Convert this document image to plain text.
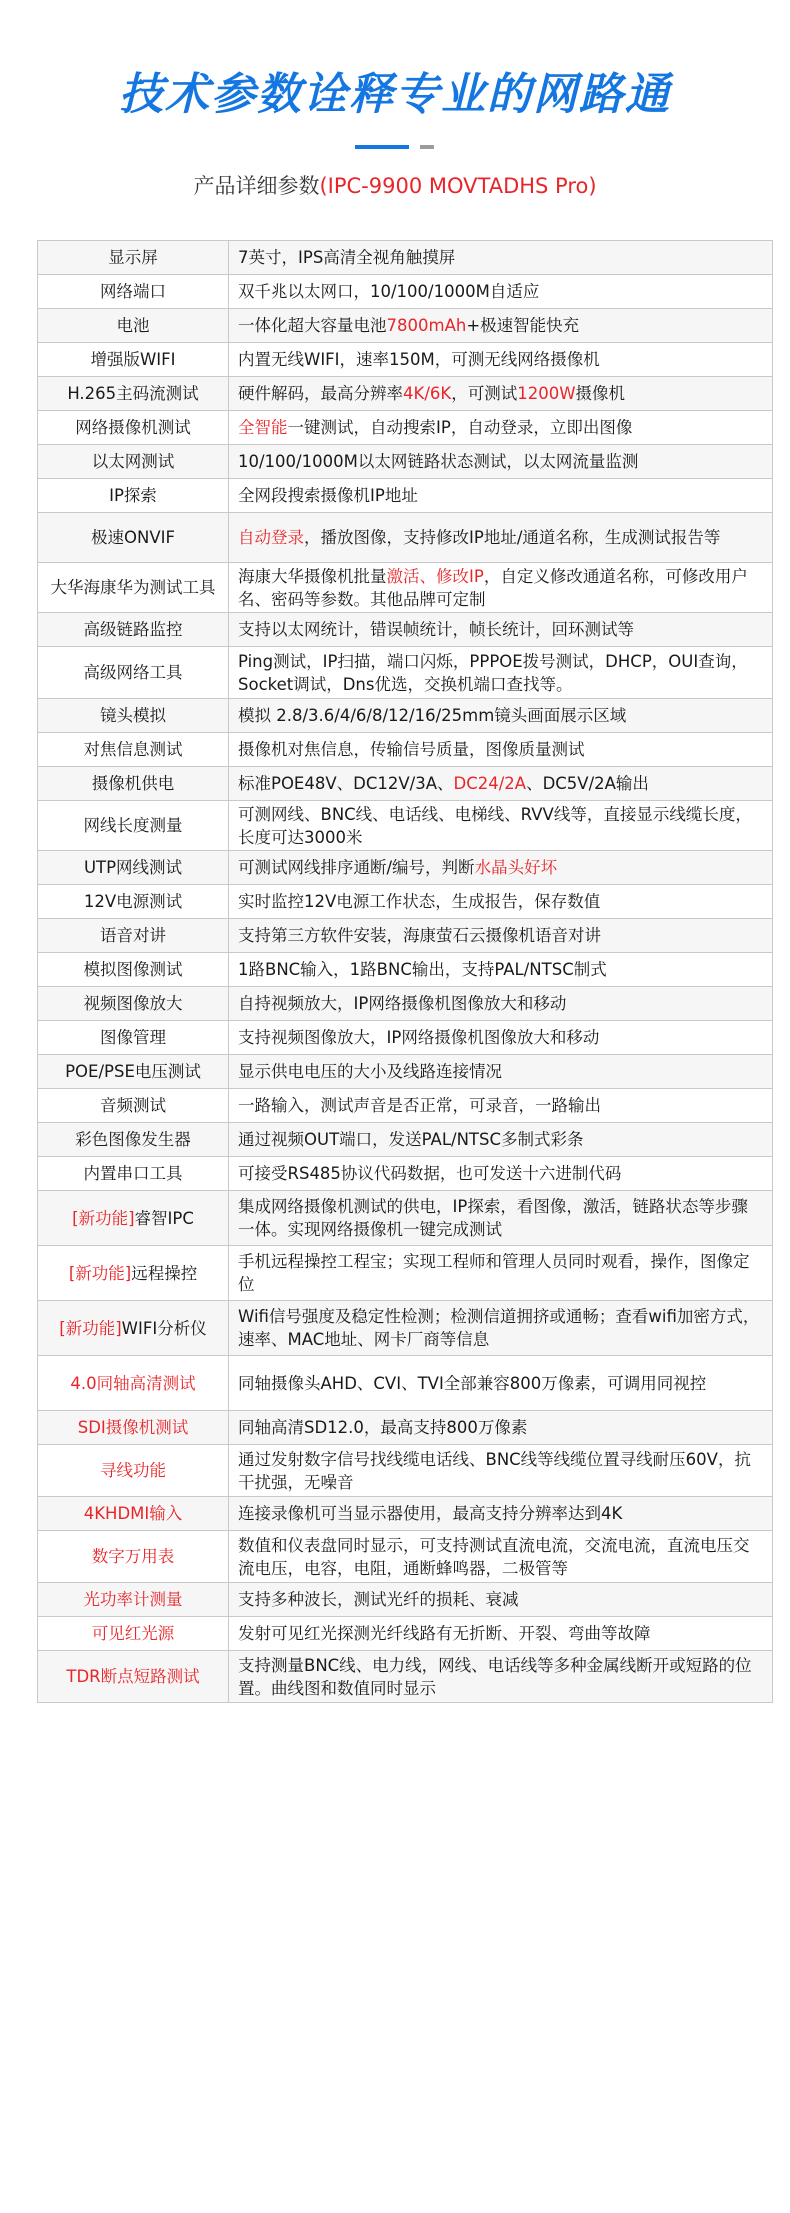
技术参数诠释专业的网路通
产品详细参数(IPC-9900 MOVTADHS Pro)
显示屏	7英寸，IPS高清全视角触摸屏
网络端口	双千兆以太网口，10/100/1000M自适应
电池	一体化超大容量电池7800mAh+极速智能快充
增强版WIFI	内置无线WIFI，速率150M，可测无线网络摄像机
H.265主码流测试	硬件解码，最高分辨率4K/6K，可测试1200W摄像机
网络摄像机测试	全智能一键测试，自动搜索IP，自动登录，立即出图像
以太网测试	10/100/1000M以太网链路状态测试，以太网流量监测
IP探索	全网段搜索摄像机IP地址
极速ONVIF	自动登录，播放图像，支持修改IP地址/通道名称，生成测试报告等
大华海康华为测试工具	海康大华摄像机批量激活、修改IP，自定义修改通道名称，可修改用户名、密码等参数。其他品牌可定制
高级链路监控	支持以太网统计，错误帧统计，帧长统计，回环测试等
高级网络工具	Ping测试，IP扫描，端口闪烁，PPPOE拨号测试，DHCP，OUI查询，Socket调试，Dns优选，交换机端口查找等。
镜头模拟	模拟 2.8/3.6/4/6/8/12/16/25mm镜头画面展示区域
对焦信息测试	摄像机对焦信息，传输信号质量，图像质量测试
摄像机供电	标准POE48V、DC12V/3A、DC24/2A、DC5V/2A输出
网线长度测量	可测网线、BNC线、电话线、电梯线、RVV线等，直接显示线缆长度，长度可达3000米
UTP网线测试	可测试网线排序通断/编号，判断水晶头好坏
12V电源测试	实时监控12V电源工作状态，生成报告，保存数值
语音对讲	支持第三方软件安装，海康萤石云摄像机语音对讲
模拟图像测试	1路BNC输入，1路BNC输出，支持PAL/NTSC制式
视频图像放大	自持视频放大，IP网络摄像机图像放大和移动
图像管理	支持视频图像放大，IP网络摄像机图像放大和移动
POE/PSE电压测试	显示供电电压的大小及线路连接情况
音频测试	一路输入，测试声音是否正常，可录音，一路输出
彩色图像发生器	通过视频OUT端口，发送PAL/NTSC多制式彩条
内置串口工具	可接受RS485协议代码数据，也可发送十六进制代码
[新功能]睿智IPC	集成网络摄像机测试的供电，IP探索，看图像，激活，链路状态等步骤一体。实现网络摄像机一键完成测试
[新功能]远程操控	手机远程操控工程宝；实现工程师和管理人员同时观看，操作，图像定位
[新功能]WIFI分析仪	Wifi信号强度及稳定性检测；检测信道拥挤或通畅；查看wifi加密方式，速率、MAC地址、网卡厂商等信息
4.0同轴高清测试	同轴摄像头AHD、CVI、TVI全部兼容800万像素，可调用同视控
SDI摄像机测试	同轴高清SD12.0，最高支持800万像素
寻线功能	通过发射数字信号找线缆电话线、BNC线等线缆位置寻线耐压60V，抗干扰强，无噪音
4KHDMI输入	连接录像机可当显示器使用，最高支持分辨率达到4K
数字万用表	数值和仪表盘同时显示，可支持测试直流电流，交流电流，直流电压交流电压，电容，电阻，通断蜂鸣器，二极管等
光功率计测量	支持多种波长，测试光纤的损耗、衰减
可见红光源	发射可见红光探测光纤线路有无折断、开裂、弯曲等故障
TDR断点短路测试	支持测量BNC线、电力线，网线、电话线等多种金属线断开或短路的位置。曲线图和数值同时显示
